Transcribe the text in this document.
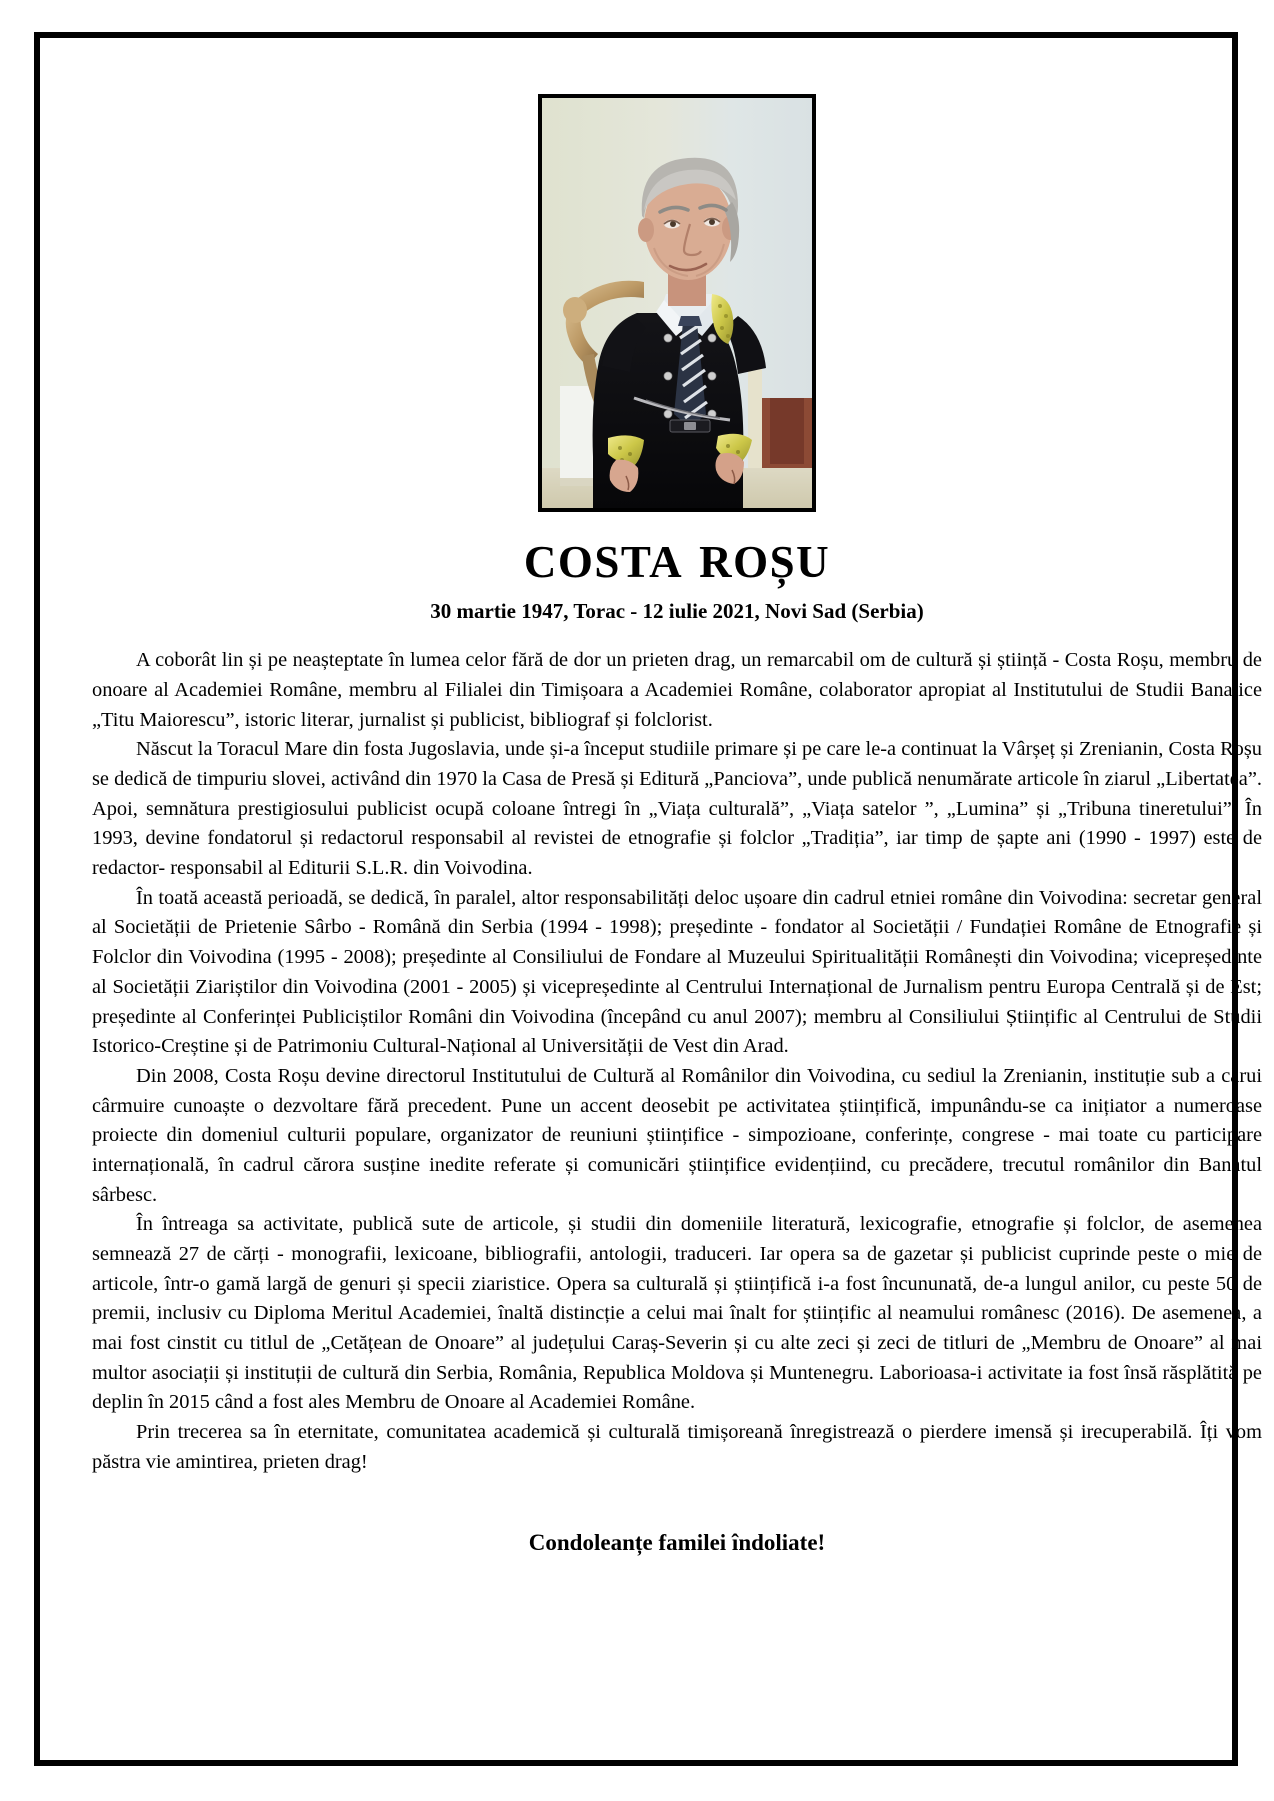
COSTA ROȘU
30 martie 1947, Torac - 12 iulie 2021, Novi Sad (Serbia)

A coborât lin și pe neașteptate în lumea celor fără de dor un prieten drag, un remarcabil om de cultură și știință - Costa Roșu, membru de onoare al Academiei Române, membru al Filialei din Timișoara a Academiei Române, colaborator apropiat al Institutului de Studii Banatice „Titu Maiorescu”, istoric literar, jurnalist și publicist, bibliograf și folclorist.

Născut la Toracul Mare din fosta Jugoslavia, unde și-a început studiile primare și pe care le-a continuat la Vârșeț și Zrenianin, Costa Roșu se dedică de timpuriu slovei, activând din 1970 la Casa de Presă și Editură „Panciova”, unde publică nenumărate articole în ziarul „Libertatea”. Apoi, semnătura prestigiosului publicist ocupă coloane întregi în „Viața culturală”, „Viața satelor ”, „Lumina” și „Tribuna tineretului”. În 1993, devine fondatorul și redactorul responsabil al revistei de etnografie și folclor „Tradiția”, iar timp de șapte ani (1990 - 1997) este de redactor- responsabil al Editurii S.L.R. din Voivodina.

În toată această perioadă, se dedică, în paralel, altor responsabilități deloc ușoare din cadrul etniei române din Voivodina: secretar general al Societății de Prietenie Sârbo - Română din Serbia (1994 - 1998); președinte - fondator al Societății / Fundației Române de Etnografie și Folclor din Voivodina (1995 - 2008); președinte al Consiliului de Fondare al Muzeului Spiritualității Românești din Voivodina; vicepreședinte al Societății Ziariștilor din Voivodina (2001 - 2005) și vicepreședinte al Centrului Internațional de Jurnalism pentru Europa Centrală și de Est; președinte al Conferinței Publiciștilor Români din Voivodina (începând cu anul 2007); membru al Consiliului Științific al Centrului de Studii Istorico-Creștine și de Patrimoniu Cultural-Național al Universității de Vest din Arad.

Din 2008, Costa Roșu devine directorul Institutului de Cultură al Românilor din Voivodina, cu sediul la Zrenianin, instituție sub a cărui cârmuire cunoaște o dezvoltare fără precedent. Pune un accent deosebit pe activitatea științifică, impunându-se ca inițiator a numeroase proiecte din domeniul culturii populare, organizator de reuniuni științifice - simpozioane, conferințe, congrese - mai toate cu participare internațională, în cadrul cărora susține inedite referate și comunicări științifice evidențiind, cu precădere, trecutul românilor din Banatul sârbesc.

În întreaga sa activitate, publică sute de articole, și studii din domeniile literatură, lexicografie, etnografie și folclor, de asemenea semnează 27 de cărți - monografii, lexicoane, bibliografii, antologii, traduceri. Iar opera sa de gazetar și publicist cuprinde peste o mie de articole, într-o gamă largă de genuri și specii ziaristice. Opera sa culturală și științifică i-a fost încununată, de-a lungul anilor, cu peste 50 de premii, inclusiv cu Diploma Meritul Academiei, înaltă distincție a celui mai înalt for științific al neamului românesc (2016). De asemenea, a mai fost cinstit cu titlul de „Cetățean de Onoare” al județului Caraș-Severin și cu alte zeci și zeci de titluri de „Membru de Onoare” al mai multor asociații și instituții de cultură din Serbia, România, Republica Moldova și Muntenegru. Laborioasa-i activitate ia fost însă răsplătită pe deplin în 2015 când a fost ales Membru de Onoare al Academiei Române.

Prin trecerea sa în eternitate, comunitatea academică și culturală timișoreană înregistrează o pierdere imensă și irecuperabilă. Îți vom păstra vie amintirea, prieten drag!

Condoleanțe familei îndoliate!
